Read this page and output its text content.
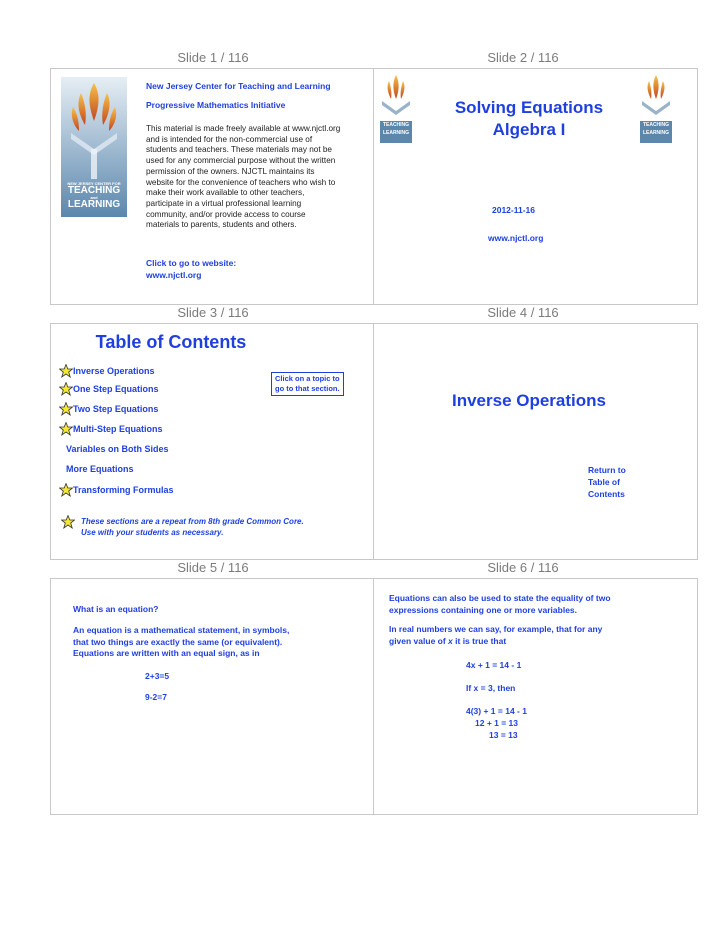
Slide 1 / 116	Slide 2 / 116
Slide 3 / 116	Slide 4 / 116
Slide 5 / 116	Slide 6 / 116
NEW JERSEY CENTER FOR
TEACHING
and
LEARNING
New Jersey Center for Teaching and Learning
Progressive Mathematics Initiative
This material is made freely available at www.njctl.org
and is intended for the non-commercial use of
students and teachers. These materials may not be
used for any commercial purpose without the written
permission of the owners. NJCTL maintains its
website for the convenience of teachers who wish to
make their work available to other teachers,
participate in a virtual professional learning
community, and/or provide access to course
materials to parents, students and others.
Click to go to website:
www.njctl.org
TEACHING
LEARNING
TEACHING
LEARNING
Solving Equations
Algebra I
2012-11-16
www.njctl.org
Table of Contents
Inverse Operations
One Step Equations
Two Step Equations
Multi-Step Equations
Variables on Both Sides
More Equations
Transforming Formulas
Click on a topic to
go to that section.
These sections are a repeat from 8th grade Common Core.
Use with your students as necessary.
Inverse Operations
Return to
Table of
Contents
What is an equation?
An equation is a mathematical statement, in symbols,
that two things are exactly the same (or equivalent).
Equations are written with an equal sign, as in
2+3=5
9-2=7
Equations can also be used to state the equality of two
expressions containing one or more variables.
In real numbers we can say, for example, that for any
given value of x it is true that
4x + 1 = 14 - 1
If x = 3, then
4(3) + 1 = 14 - 1
12 + 1 = 13
13 = 13
